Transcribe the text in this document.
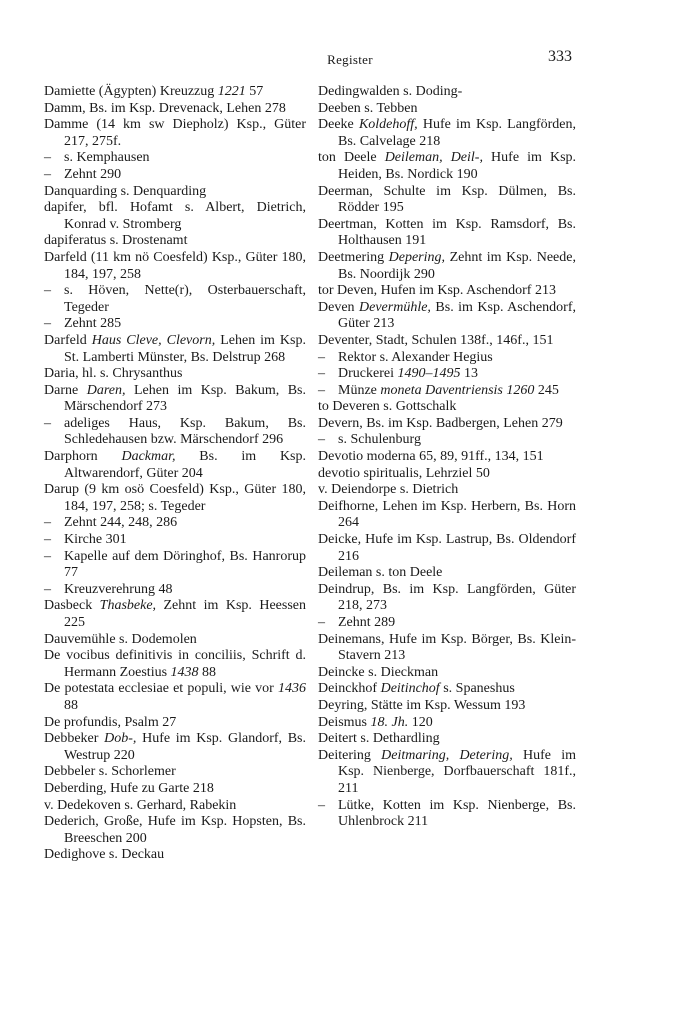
Register	333

Damiette (Ägypten) Kreuzzug 1221 57

Damm, Bs. im Ksp. Drevenack, Lehen 278

Damme (14 km sw Diepholz) Ksp., Güter 217, 275f.

– s. Kemphausen

– Zehnt 290

Danquarding s. Denquarding

dapifer, bfl. Hofamt s. Albert, Dietrich, Konrad v. Stromberg

dapiferatus s. Drostenamt

Darfeld (11 km nö Coesfeld) Ksp., Güter 180, 184, 197, 258

– s. Höven, Nette(r), Osterbauerschaft, Tegeder

– Zehnt 285

Darfeld Haus Cleve, Clevorn, Lehen im Ksp. St. Lamberti Münster, Bs. Delstrup 268

Daria, hl. s. Chrysanthus

Darne Daren, Lehen im Ksp. Bakum, Bs. Märschendorf 273

– adeliges Haus, Ksp. Bakum, Bs. Schledehausen bzw. Märschendorf 296

Darphorn Dackmar, Bs. im Ksp. Altwarendorf, Güter 204

Darup (9 km osö Coesfeld) Ksp., Güter 180, 184, 197, 258; s. Tegeder

– Zehnt 244, 248, 286

– Kirche 301

– Kapelle auf dem Döringhof, Bs. Hanrorup 77

– Kreuzverehrung 48

Dasbeck Thasbeke, Zehnt im Ksp. Heessen 225

Dauvemühle s. Dodemolen

De vocibus definitivis in conciliis, Schrift d. Hermann Zoestius 1438 88

De potestata ecclesiae et populi, wie vor 1436 88

De profundis, Psalm 27

Debbeker Dob-, Hufe im Ksp. Glandorf, Bs. Westrup 220

Debbeler s. Schorlemer

Deberding, Hufe zu Garte 218

v. Dedekoven s. Gerhard, Rabekin

Dederich, Große, Hufe im Ksp. Hopsten, Bs. Breeschen 200

Dedighove s. Deckau

Dedingwalden s. Doding-

Deeben s. Tebben

Deeke Koldehoff, Hufe im Ksp. Langförden, Bs. Calvelage 218

ton Deele Deileman, Deil-, Hufe im Ksp. Heiden, Bs. Nordick 190

Deerman, Schulte im Ksp. Dülmen, Bs. Rödder 195

Deertman, Kotten im Ksp. Ramsdorf, Bs. Holthausen 191

Deetmering Depering, Zehnt im Ksp. Neede, Bs. Noordijk 290

tor Deven, Hufen im Ksp. Aschendorf 213

Deven Devermühle, Bs. im Ksp. Aschendorf, Güter 213

Deventer, Stadt, Schulen 138f., 146f., 151

– Rektor s. Alexander Hegius

– Druckerei 1490–1495 13

– Münze moneta Daventriensis 1260 245

to Deveren s. Gottschalk

Devern, Bs. im Ksp. Badbergen, Lehen 279

– s. Schulenburg

Devotio moderna 65, 89, 91ff., 134, 151

devotio spiritualis, Lehrziel 50

v. Deiendorpe s. Dietrich

Deifhorne, Lehen im Ksp. Herbern, Bs. Horn 264

Deicke, Hufe im Ksp. Lastrup, Bs. Oldendorf 216

Deileman s. ton Deele

Deindrup, Bs. im Ksp. Langförden, Güter 218, 273

– Zehnt 289

Deinemans, Hufe im Ksp. Börger, Bs. Klein-Stavern 213

Deincke s. Dieckman

Deinckhof Deitinchof s. Spaneshus

Deyring, Stätte im Ksp. Wessum 193

Deismus 18. Jh. 120

Deitert s. Dethardling

Deitering Deitmaring, Detering, Hufe im Ksp. Nienberge, Dorfbauerschaft 181f., 211

– Lütke, Kotten im Ksp. Nienberge, Bs. Uhlenbrock 211
